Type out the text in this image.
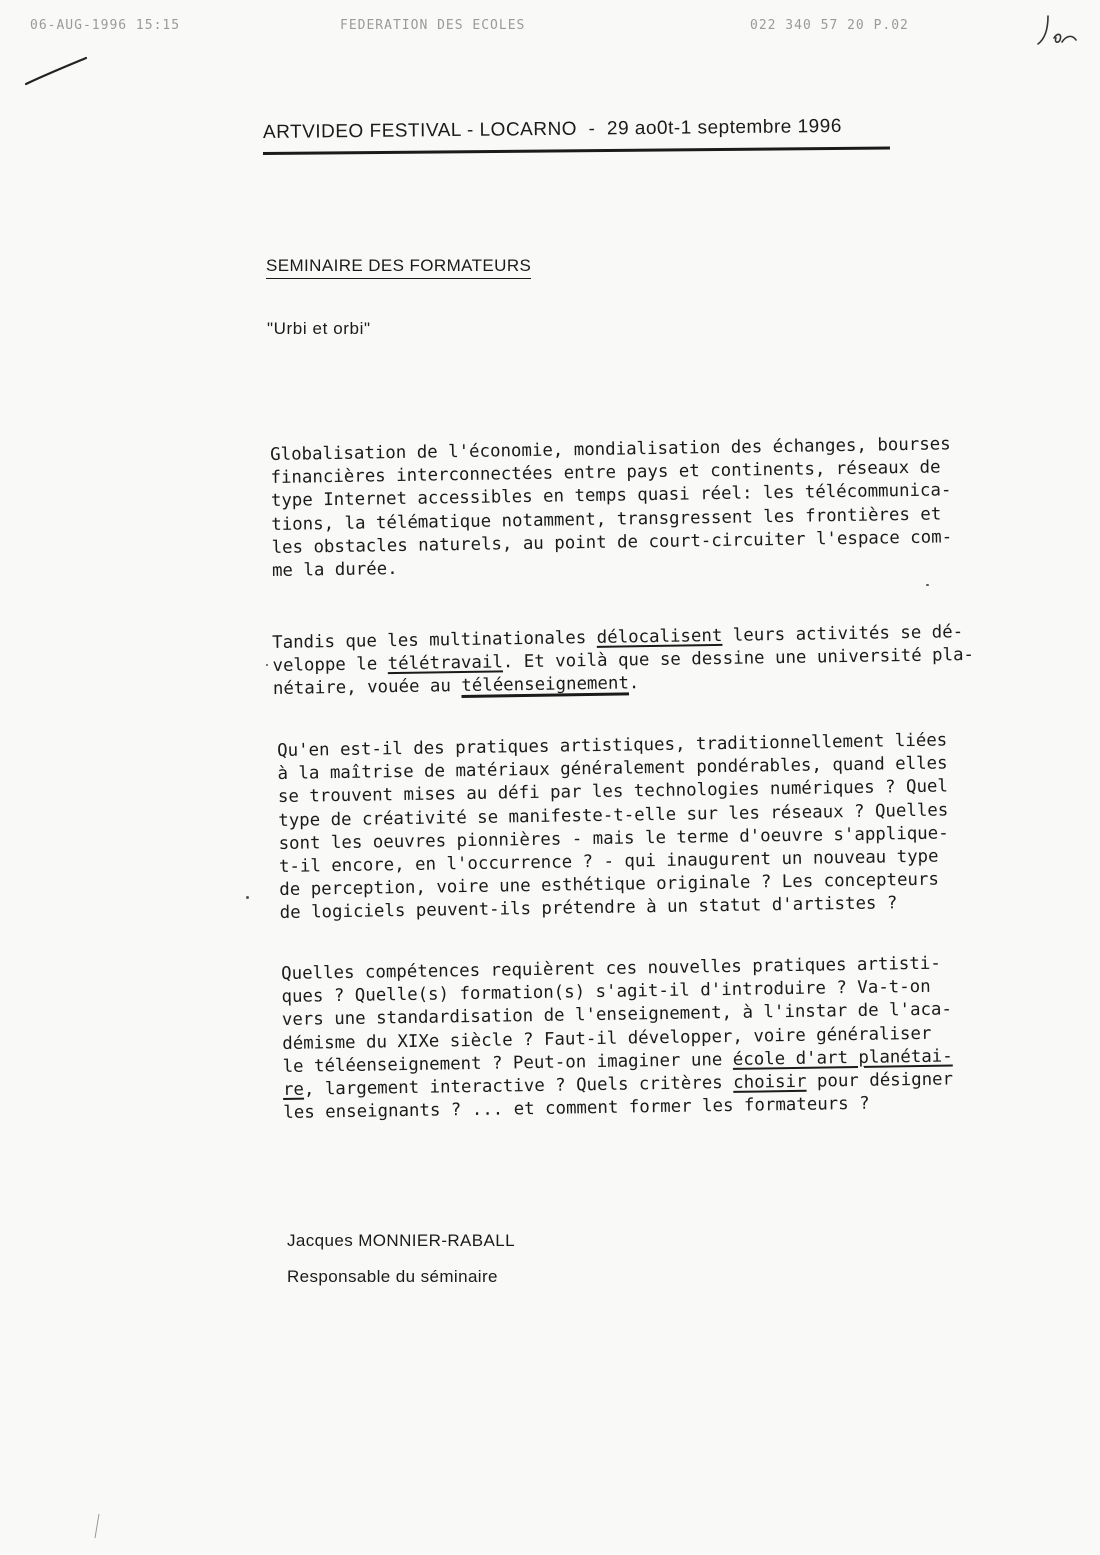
06-AUG-1996 15:15	FEDERATION DES ECOLES	022 340 57 20 P.02
ARTVIDEO FESTIVAL - LOCARNO  -  29 ao0t-1 septembre 1996
SEMINAIRE DES FORMATEURS
"Urbi et orbi"
Globalisation de l'économie, mondialisation des échanges, bourses
financières interconnectées entre pays et continents, réseaux de
type Internet accessibles en temps quasi réel: les télécommunica-
tions, la télématique notamment, transgressent les frontières et
les obstacles naturels, au point de court-circuiter l'espace com-
me la durée.
Tandis que les multinationales délocalisent leurs activités se dé-
veloppe le télétravail. Et voilà que se dessine une université pla-
nétaire, vouée au téléenseignement.
Qu'en est-il des pratiques artistiques, traditionnellement liées
à la maîtrise de matériaux généralement pondérables, quand elles
se trouvent mises au défi par les technologies numériques ? Quel
type de créativité se manifeste-t-elle sur les réseaux ? Quelles
sont les oeuvres pionnières - mais le terme d'oeuvre s'applique-
t-il encore, en l'occurrence ? - qui inaugurent un nouveau type
de perception, voire une esthétique originale ? Les concepteurs
de logiciels peuvent-ils prétendre à un statut d'artistes ?
Quelles compétences requièrent ces nouvelles pratiques artisti-
ques ? Quelle(s) formation(s) s'agit-il d'introduire ? Va-t-on
vers une standardisation de l'enseignement, à l'instar de l'aca-
démisme du XIXe siècle ? Faut-il développer, voire généraliser
le téléenseignement ? Peut-on imaginer une école d'art planétai-
re, largement interactive ? Quels critères choisir pour désigner
les enseignants ? ... et comment former les formateurs ?
Jacques MONNIER-RABALL
Responsable du séminaire
